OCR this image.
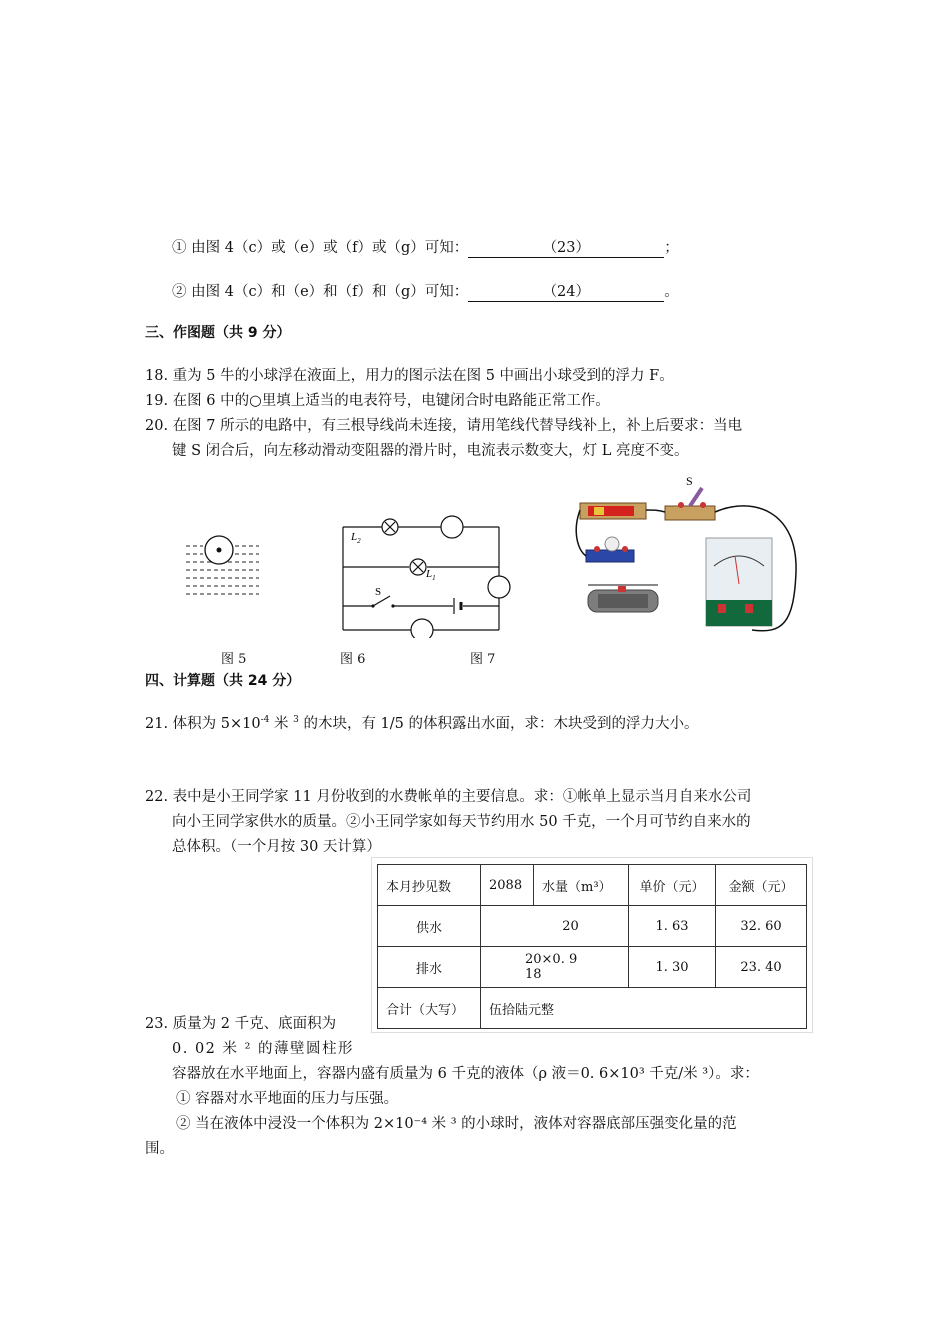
① 由图 4（c）或（e）或（f）或（g）可知：	（23）	；
② 由图 4（c）和（e）和（f）和（g）可知：	（24）	。
三、作图题（共 9 分）
18. 重为 5 牛的小球浮在液面上，用力的图示法在图 5 中画出小球受到的浮力 F。
19. 在图 6 中的○里填上适当的电表符号，电键闭合时电路能正常工作。
20. 在图 7 所示的电路中，有三根导线尚未连接，请用笔线代替导线补上，补上后要求：当电
键 S 闭合后，向左移动滑动变阻器的滑片时，电流表示数变大，灯 L 亮度不变。
$L_2$
$L_1$
S
S
图 5	图 6	图 7
四、计算题（共 24 分）
21. 体积为 $5\times 10^{-4}$ 米 $^3$ 的木块，有 1/5 的体积露出水面，求：木块受到的浮力大小。
22. 表中是小王同学家 11 月份收到的水费帐单的主要信息。求：①帐单上显示当月自来水公司
向小王同学家供水的质量。②小王同学家如每天节约用水 50 千克，一个月可节约自来水的
总体积。（一个月按 30 天计算）
本月抄见数	2088	水量（m³）	单价（元）	金额（元）
供水	20		1. 63	32. 60
排水	20×0. 918		1. 30	23. 40
合计（大写）	伍拾陆元整			
23. 质量为 2 千克、底面积为
0. 02 米 ² 的薄壁圆柱形
容器放在水平地面上，容器内盛有质量为 6 千克的液体（ρ 液＝0. 6×10³ 千克/米 ³）。求：
① 容器对水平地面的压力与压强。
② 当在液体中浸没一个体积为 2×10⁻⁴ 米 ³ 的小球时，液体对容器底部压强变化量的范
围。
